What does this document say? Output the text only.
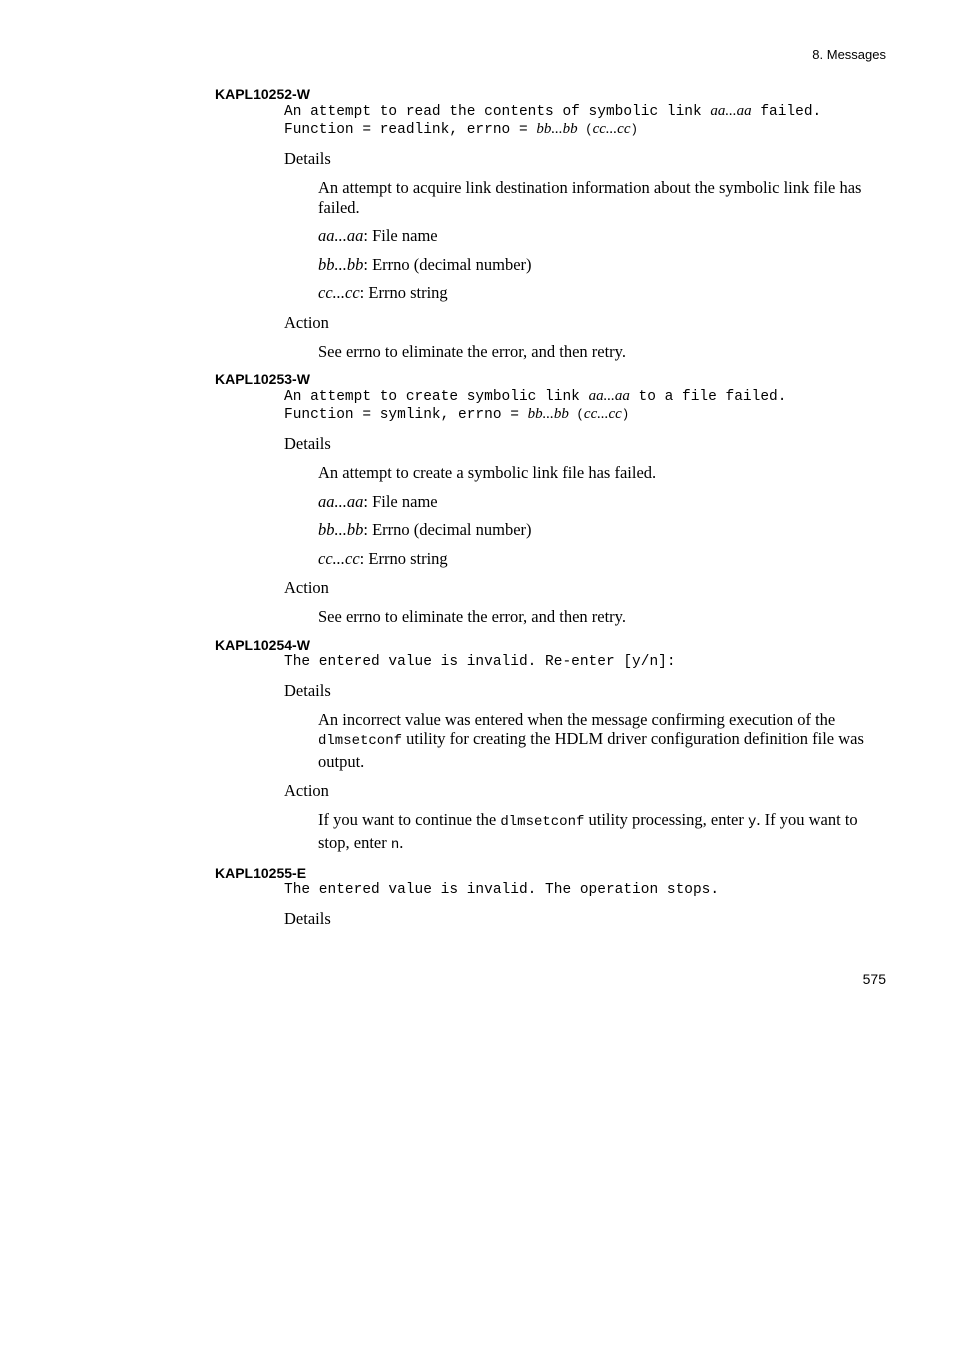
8. Messages

KAPL10252-W

An attempt to read the contents of symbolic link aa...aa failed.
Function = readlink, errno = bb...bb (cc...cc)

Details

An attempt to acquire link destination information about the symbolic link file has failed.

aa...aa: File name

bb...bb: Errno (decimal number)

cc...cc: Errno string

Action

See errno to eliminate the error, and then retry.

KAPL10253-W

An attempt to create symbolic link aa...aa to a file failed.
Function = symlink, errno = bb...bb (cc...cc)

Details

An attempt to create a symbolic link file has failed.

aa...aa: File name

bb...bb: Errno (decimal number)

cc...cc: Errno string

Action

See errno to eliminate the error, and then retry.

KAPL10254-W

The entered value is invalid. Re-enter [y/n]:

Details

An incorrect value was entered when the message confirming execution of the dlmsetconf utility for creating the HDLM driver configuration definition file was output.

Action

If you want to continue the dlmsetconf utility processing, enter y. If you want to stop, enter n.

KAPL10255-E

The entered value is invalid. The operation stops.

Details

575
